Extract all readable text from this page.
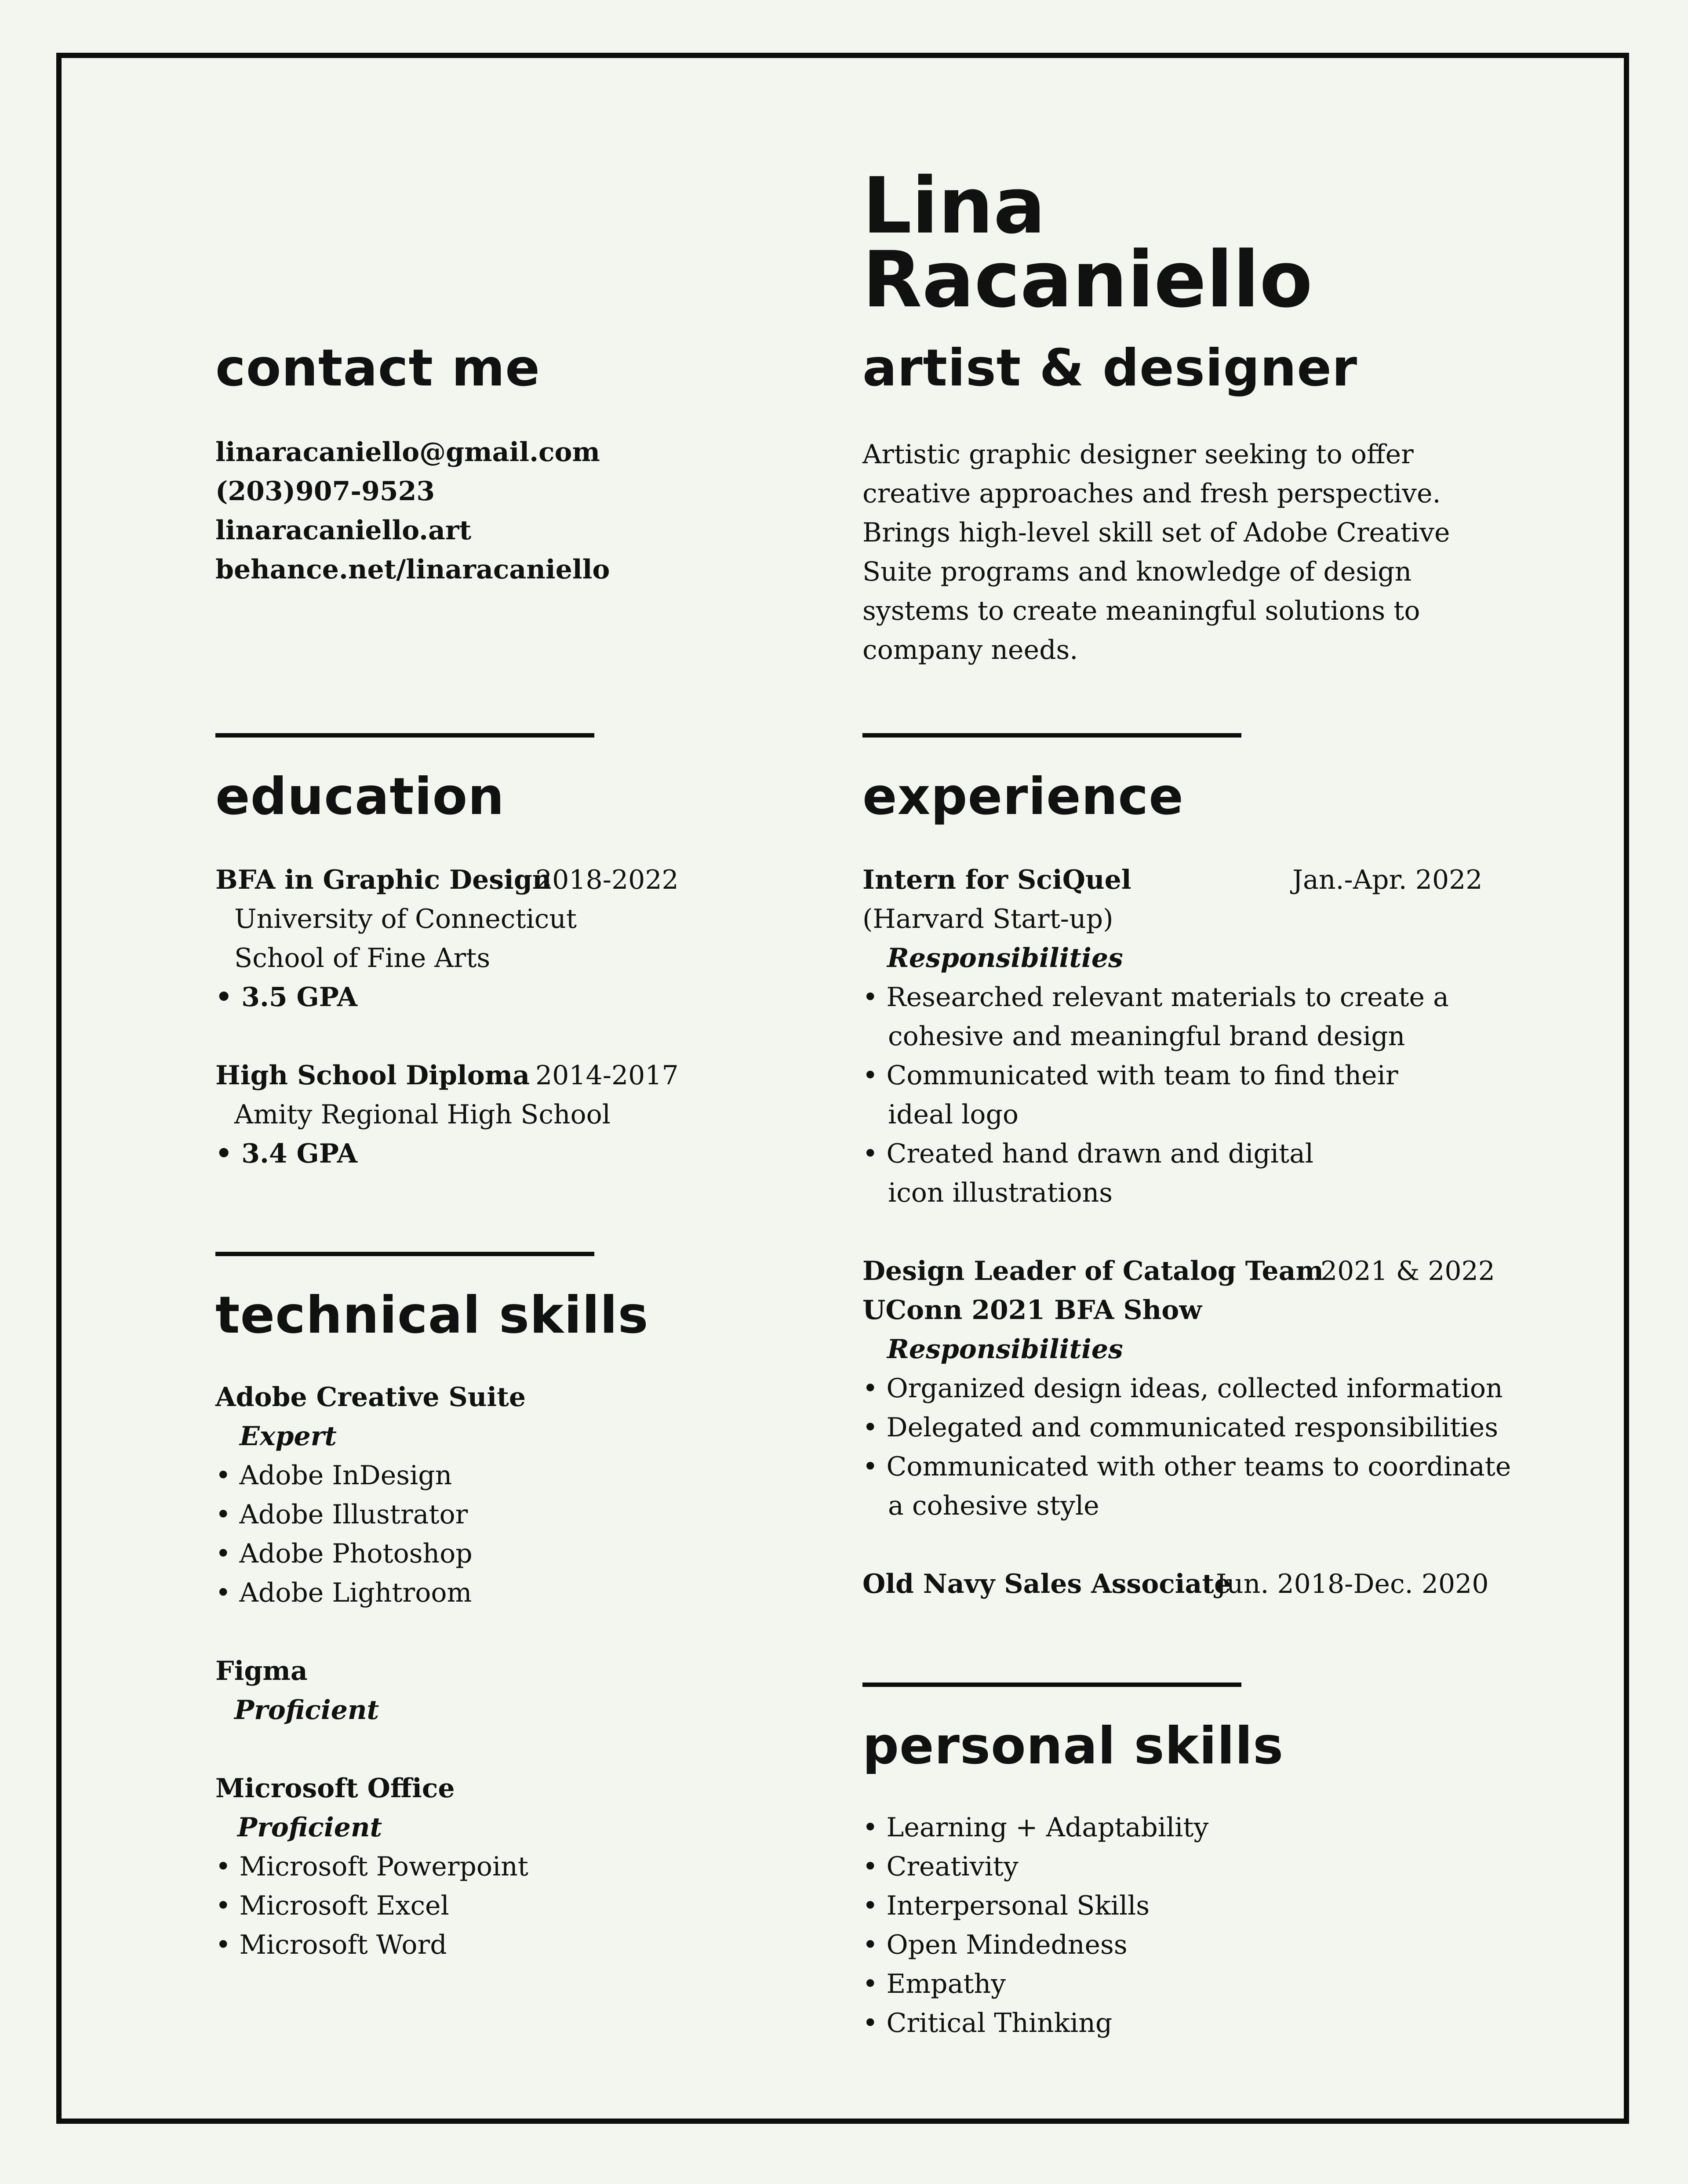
Lina
Racaniello
artist & designer
Artistic graphic designer seeking to offer
creative approaches and fresh perspective.
Brings high-level skill set of Adobe Creative
Suite programs and knowledge of design
systems to create meaningful solutions to
company needs.
contact me
linaracaniello@gmail.com
(203)907-9523
linaracaniello.art
behance.net/linaracaniello
education
BFA in Graphic Design
2018-2022
University of Connecticut
School of Fine Arts
• 3.5 GPA
High School Diploma 2014-2017
Amity Regional High School
• 3.4 GPA
technical skills
Adobe Creative Suite
Expert
• Adobe InDesign
• Adobe Illustrator
• Adobe Photoshop
• Adobe Lightroom
Figma
Proficient
Microsoft Office
Proficient
• Microsoft Powerpoint
• Microsoft Excel
• Microsoft Word
experience
Intern for SciQuel	Jan.-Apr. 2022
(Harvard Start-up)
Responsibilities
• Researched relevant materials to create a
cohesive and meaningful brand design
• Communicated with team to find their
ideal logo
• Created hand drawn and digital
icon illustrations
Design Leader of Catalog Team
2021 & 2022
UConn 2021 BFA Show
Responsibilities
• Organized design ideas, collected information
• Delegated and communicated responsibilities
• Communicated with other teams to coordinate
a cohesive style
Old Navy Sales Associate
Jun. 2018-Dec. 2020
personal skills
• Learning + Adaptability
• Creativity
• Interpersonal Skills
• Open Mindedness
• Empathy
• Critical Thinking
